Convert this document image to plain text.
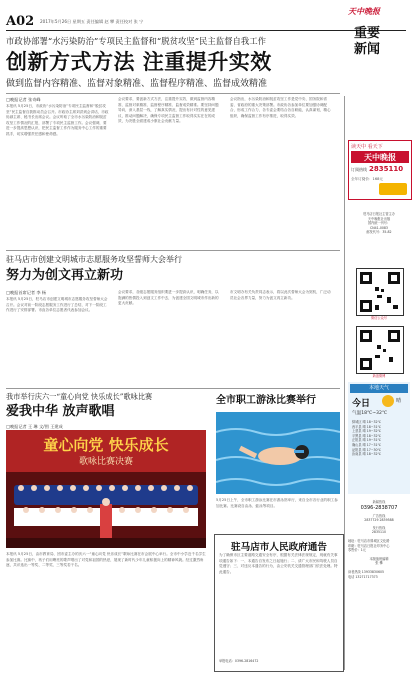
A02 2017年5月26日 星期五 责任编辑 赵 攀 责任校对 张 宁
天中晚报
重要
新闻
市政协部署“水污染防治”专项民主监督和“脱贫攻坚”民主监督自我工作
创新方式方法 注重提升实效
做到监督内容精准、监督对象精准、监督程序精准、监督成效精准
□晚报记者 张奇峰
本报讯 5月25日，市政协“水污染防治”专项民主监督和“脱贫攻坚”民主监督自我推动员会召开。市政协主席刘洪到会讲话，市政协副主席、秘书长出席会议。会议听取了全市水污染防治和脱贫攻坚工作情况的汇报，部署了专项民主监督工作。会议强调，要进一步提高思想认识，把民主监督工作作为服务中心工作的重要抓手，切实增强责任感和使命感。
会议要求，要创新方式方法，注重提升实效，做到监督内容精准、监督对象精准、监督程序精准、监督成效精准。要坚持问题导向，深入基层一线，了解真实情况，提出有针对性的意见建议，推动问题解决，确保专项民主监督工作取得实实在在的成效，为决胜全面建成小康社会贡献力量。
会议指出，水污染防治和脱贫攻坚工作是党中央、国务院和省委、省政府的重大决策部署。市政协各参加单位要加强协调配合，形成工作合力，各专委会要结合各自职能，认真谋划，精心组织，确保监督工作有序推进，取得实效。
驻马店市创建文明城市志愿服务攻坚誓师大会举行
努力为创文再立新功
□晚报首席记者 李 杨
本报讯 5月25日，驻马店市创建文明城市志愿服务攻坚誓师大会召开。会议对前一阶段志愿服务工作进行了总结，对下一阶段工作进行了安排部署。市直各单位志愿者代表参加会议。
会议要求，各级志愿服务组织要进一步提高认识，明确任务，以饱满的热情投入到创文工作中去，为创建全国文明城市作出新的更大贡献。
市文明办有关负责同志表示，将以此次誓师大会为契机，广泛动员社会各界力量，努力为创文再立新功。
我市举行庆六一“童心向党 快乐成长”歌咏比赛
爱我中华 放声歌唱
□晚报记者 王 琳 文/图 王建成
童心向党 快乐成长
歌咏比赛决赛
本报讯 5月25日，由市教育局、团市委主办的庆六一“童心向党 快乐成长”歌咏比赛在市会展中心举行。全市中小学近千名学生参加比赛。比赛中，孩子们用嘹亮的歌声唱出了对党和祖国的热爱，展现了新时代少年儿童积极向上的精神风貌。经过激烈角逐，共评选出一等奖、二等奖、三等奖若干名。
全市职工游泳比赛举行
5月25日上午，全市职工游泳比赛在市游泳馆举行，来自全市各行业的职工参加比赛。比赛设自由泳、蛙泳等项目。
驻马店市人民政府通告
为了确保市区主要道路交通安全有序，根据有关法律法规规定，现就有关事项通告如下：一、本通告自发布之日起施行；二、请广大市民和驾驶人员自觉遵守；三、对违反本通告的行为，由公安机关交通管理部门依法处理。特此通告。
举报电话：0396-2816472
读天中 看天下
天中晚报
订阅热线 2835110
全年订阅价：168元
驻马店日报社主管主办
天中晚报社出版
国内统一刊号：
CN41-0083
邮发代号：35-82
微信公众号
新浪微博
本地天气
今日	晴
气温18℃~32℃
驿城区 晴 18~32℃
西平县 晴 18~31℃
上蔡县 晴 19~32℃
平舆县 晴 18~32℃
正阳县 晴 19~31℃
确山县 晴 17~31℃
泌阳县 晴 17~30℃
汝南县 晴 18~32℃
新闻热线
0396-2838707
广告热线
2837729 2839588
发行热线
2835110
地址：驻马店市驿城区文化路
印刷：驻马店日报社印务中心
零售价：1元
本版值班编辑
张 攀
读者热线 13933830605
电话 13271717373
